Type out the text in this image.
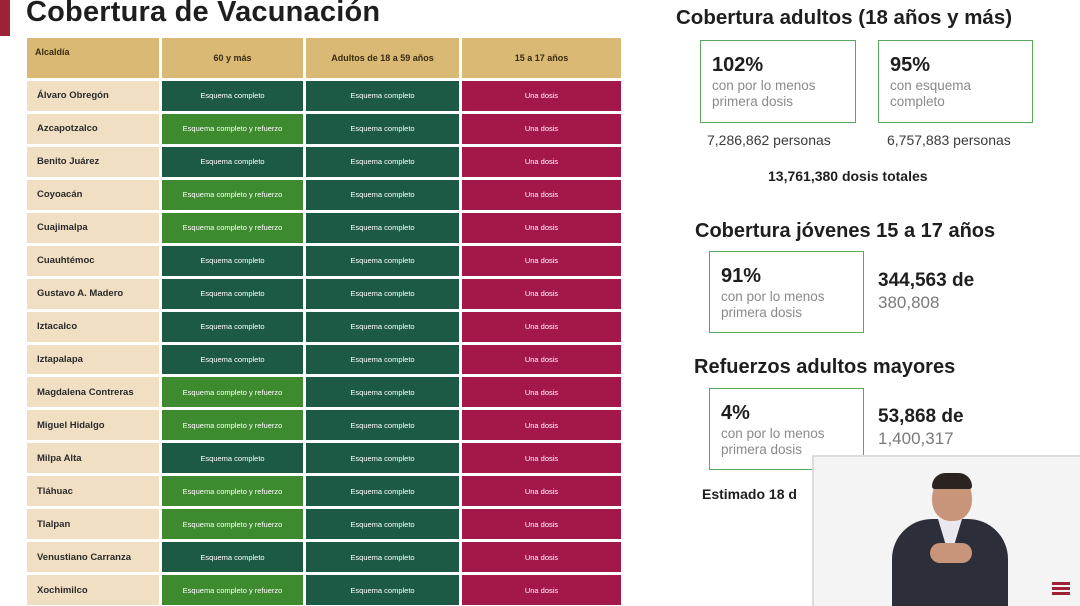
Cobertura de Vacunación
Alcaldía	60 y más	Adultos de 18 a 59 años	15 a 17 años
Álvaro Obregón	Esquema completo	Esquema completo	Una dosis
Azcapotzalco	Esquema completo y refuerzo	Esquema completo	Una dosis
Benito Juárez	Esquema completo	Esquema completo	Una dosis
Coyoacán	Esquema completo y refuerzo	Esquema completo	Una dosis
Cuajimalpa	Esquema completo y refuerzo	Esquema completo	Una dosis
Cuauhtémoc	Esquema completo	Esquema completo	Una dosis
Gustavo A. Madero	Esquema completo	Esquema completo	Una dosis
Iztacalco	Esquema completo	Esquema completo	Una dosis
Iztapalapa	Esquema completo	Esquema completo	Una dosis
Magdalena Contreras	Esquema completo y refuerzo	Esquema completo	Una dosis
Miguel Hidalgo	Esquema completo y refuerzo	Esquema completo	Una dosis
Milpa Alta	Esquema completo	Esquema completo	Una dosis
Tláhuac	Esquema completo y refuerzo	Esquema completo	Una dosis
Tlalpan	Esquema completo y refuerzo	Esquema completo	Una dosis
Venustiano Carranza	Esquema completo	Esquema completo	Una dosis
Xochimilco	Esquema completo y refuerzo	Esquema completo	Una dosis
Cobertura adultos (18 años y más)
102%
con por lo menos primera dosis
95%
con esquema completo
7,286,862 personas	6,757,883 personas
13,761,380 dosis totales
Cobertura jóvenes 15 a 17 años
91%
con por lo menos primera dosis
344,563 de
380,808
Refuerzos adultos mayores
4%
con por lo menos primera dosis
53,868 de
1,400,317
Estimado 18 d
